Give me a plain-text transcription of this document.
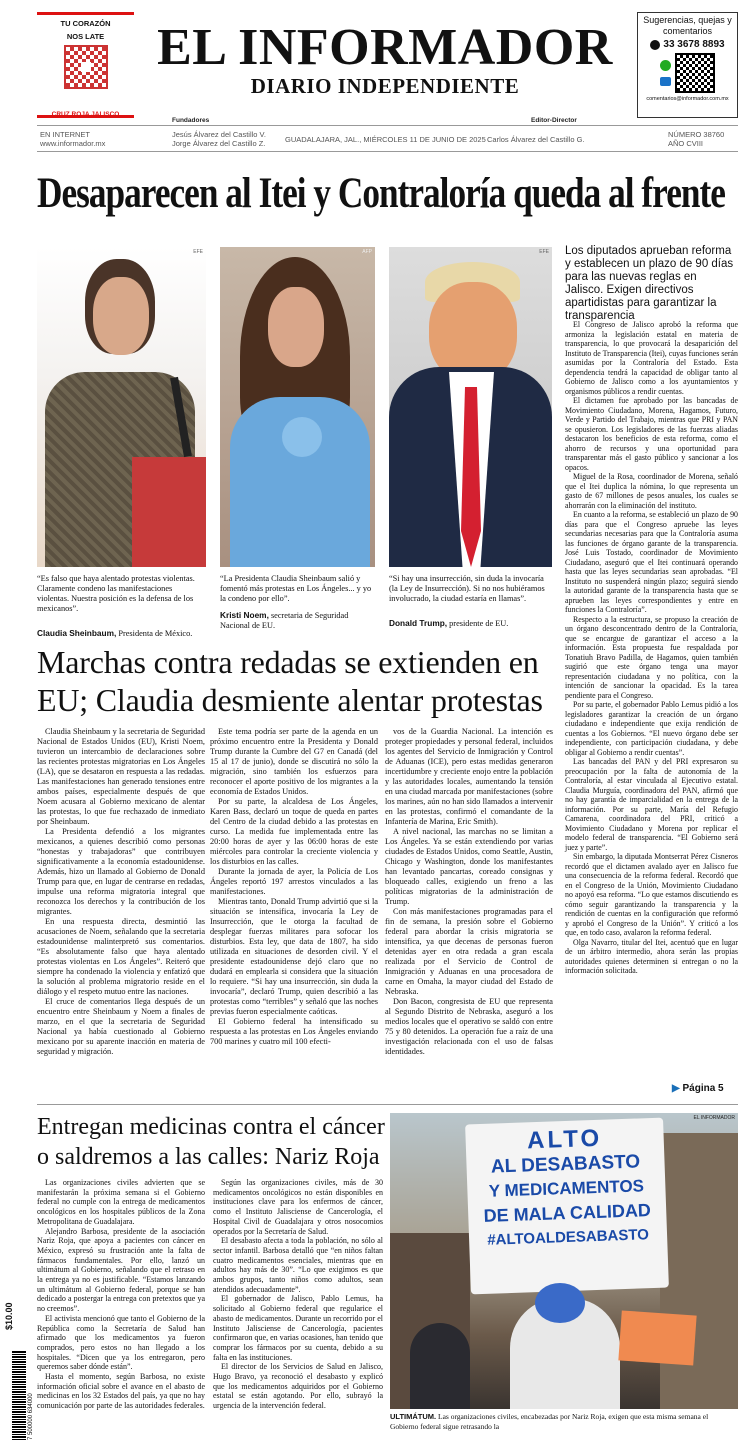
TU CORAZÓN
NOS LATE
CRUZ ROJA JALISCO
EL INFORMADOR
DIARIO INDEPENDIENTE
Sugerencias, quejas y comentarios
33 3678 8893
comentarios@informador.com.mx
Fundadores	Editor-Director
EN INTERNET
www.informador.mx
Jesús Álvarez del Castillo V.
Jorge Álvarez del Castillo Z.	GUADALAJARA, JAL., MIÉRCOLES 11 DE JUNIO DE 2025 Carlos Álvarez del Castillo G.
NÚMERO 38760
AÑO CVIII
Desaparecen al Itei y Contraloría queda al frente
EFE	AFP	EFE
“Es falso que haya alentado protestas violentas. Claramente condeno las manifestaciones violentas. Nuestra posición es la defensa de los mexicanos”.
Claudia Sheinbaum, Presidenta de México.
“La Presidenta Claudia Sheinbaum salió y fomentó más protestas en Los Ángeles... y yo la condeno por ello”.
Kristi Noem, secretaria de Seguridad Nacional de EU.
“Si hay una insurrección, sin duda la invocaría (la Ley de Insurrección). Si no nos hubiéramos involucrado, la ciudad estaría en llamas”.
Donald Trump, presidente de EU.
Los diputados aprueban reforma y establecen un plazo de 90 días para las nuevas reglas en Jalisco. Exigen directivos apartidistas para garantizar la transparencia

El Congreso de Jalisco aprobó la reforma que armoniza la legislación estatal en materia de transparencia, lo que provocará la desaparición del Instituto de Transparencia (Itei), cuyas funciones serán asumidas por la Contraloría del Estado. Esta dependencia tendrá la capacidad de obligar tanto al Gobierno de Jalisco como a los ayuntamientos y organismos públicos a rendir cuentas.

El dictamen fue aprobado por las bancadas de Movimiento Ciudadano, Morena, Hagamos, Futuro, Verde y Partido del Trabajo, mientras que PRI y PAN se opusieron. Los legisladores de las fuerzas aliadas destacaron los beneficios de esta reforma, como el ahorro de recursos y una oportunidad para transparentar más el gasto público y sancionar a los opacos.

Miguel de la Rosa, coordinador de Morena, señaló que el Itei duplica la nómina, lo que representa un gasto de 67 millones de pesos anuales, los cuales se ahorrarán con la eliminación del instituto.

En cuanto a la reforma, se estableció un plazo de 90 días para que el Congreso apruebe las leyes secundarias necesarias para que la Contraloría asuma las funciones de órgano garante de la transparencia. José Luis Tostado, coordinador de Movimiento Ciudadano, aseguró que el Itei continuará operando hasta que las leyes secundarias sean aprobadas. “El Instituto no suspenderá ningún plazo; seguirá siendo la autoridad garante de la transparencia hasta que se aprueben las leyes correspondientes y entre en funciones la Contraloría”.

Respecto a la estructura, se propuso la creación de un órgano desconcentrado dentro de la Contraloría, que se encargue de garantizar el acceso a la información. Esta propuesta fue respaldada por Tonatiuh Bravo Padilla, de Hagamos, quien también sugirió que este órgano tenga una mayor representación ciudadana y no política, con la intención de sancionar la opacidad. Es la tarea pendiente para el Congreso.

Por su parte, el gobernador Pablo Lemus pidió a los legisladores garantizar la creación de un órgano ciudadano e independiente que exija rendición de cuentas a los Gobiernos. “El nuevo órgano debe ser independiente, con participación ciudadana, y debe obligar al Gobierno a rendir cuentas”.

Las bancadas del PAN y del PRI expresaron su preocupación por la falta de autonomía de la Contraloría, al estar vinculada al Ejecutivo estatal. Claudia Murguía, coordinadora del PAN, afirmó que no hay garantía de imparcialidad en la entrega de la información. Por su parte, María del Refugio Camarena, coordinadora del PRI, criticó a Movimiento Ciudadano y Morena por replicar el modelo federal de transparencia. “El Gobierno será juez y parte”.

Sin embargo, la diputada Montserrat Pérez Cisneros recordó que el dictamen avalado ayer en Jalisco fue una consecuencia de la reforma federal. Recordó que en el Congreso de la Unión, Movimiento Ciudadano no apoyó esa reforma. “Lo que estamos discutiendo es cómo seguir garantizando la transparencia y la rendición de cuentas en la configuración que reformó y aprobó el Congreso de la Unión”. Y criticó a los que, en todo caso, avalaron la reforma federal.

Olga Navarro, titular del Itei, acentuó que en lugar de un árbitro intermedio, ahora serán las propias autoridades quienes determinen si entregan o no la información solicitada.

▶ Página 5
Marchas contra redadas se extienden en EU; Claudia desmiente alentar protestas

Claudia Sheinbaum y la secretaria de Seguridad Nacional de Estados Unidos (EU), Kristi Noem, tuvieron un intercambio de declaraciones sobre las recientes protestas migratorias en Los Ángeles (LA), que se desataron en respuesta a las redadas. Las manifestaciones han generado tensiones entre ambos países, especialmente después de que Noem acusara al Gobierno mexicano de alentar las protestas, lo que fue rechazado de inmediato por Sheinbaum.

La Presidenta defendió a los migrantes mexicanos, a quienes describió como personas “honestas y trabajadoras” que contribuyen significativamente a la economía estadounidense. Además, hizo un llamado al Gobierno de Donald Trump para que, en lugar de centrarse en redadas, impulse una reforma migratoria integral que reconozca los derechos y la contribución de los migrantes.

En una respuesta directa, desmintió las acusaciones de Noem, señalando que la secretaria estadounidense malinterpretó sus comentarios. “Es absolutamente falso que haya alentado protestas violentas en Los Ángeles”. Reiteró que siempre ha condenado la violencia y enfatizó que la solución al problema migratorio reside en el diálogo y el respeto mutuo entre las naciones.

El cruce de comentarios llega después de un encuentro entre Sheinbaum y Noem a finales de marzo, en el que la secretaria de Seguridad Nacional ya había cuestionado al Gobierno mexicano por su aparente inacción en materia de seguridad y migración.

Este tema podría ser parte de la agenda en un próximo encuentro entre la Presidenta y Donald Trump durante la Cumbre del G7 en Canadá (del 15 al 17 de junio), donde se discutirá no sólo la migración, sino también los esfuerzos para reconocer el aporte positivo de los migrantes a la economía de Estados Unidos.

Por su parte, la alcaldesa de Los Ángeles, Karen Bass, declaró un toque de queda en partes del Centro de la ciudad debido a las protestas en curso. La medida fue implementada entre las 20:00 horas de ayer y las 06:00 horas de este miércoles para controlar la creciente violencia y los disturbios en las calles.

Durante la jornada de ayer, la Policía de Los Ángeles reportó 197 arrestos vinculados a las manifestaciones.

Mientras tanto, Donald Trump advirtió que si la situación se intensifica, invocaría la Ley de Insurrección, que le otorga la facultad de desplegar fuerzas militares para sofocar los disturbios. Esta ley, que data de 1807, ha sido utilizada en situaciones de desorden civil. Y el presidente estadounidense dejó claro que no dudará en emplearla si considera que la situación lo requiere. “Si hay una insurrección, sin duda la invocaría”, declaró Trump, quien describió a las protestas como “terribles” y señaló que las noches previas fueron especialmente caóticas.

El Gobierno federal ha intensificado su respuesta a las protestas en Los Ángeles enviando 700 marines y cuatro mil 100 efecti-

vos de la Guardia Nacional. La intención es proteger propiedades y personal federal, incluidos los agentes del Servicio de Inmigración y Control de Aduanas (ICE), pero estas medidas generaron incertidumbre y creciente enojo entre la población y las autoridades locales, aumentando la tensión en una ciudad marcada por manifestaciones (sobre los marines, aún no han sido llamados a intervenir en las protestas, confirmó el comandante de la Infantería de Marina, Eric Smith).

A nivel nacional, las marchas no se limitan a Los Ángeles. Ya se están extendiendo por varias ciudades de Estados Unidos, como Seattle, Austin, Chicago y Washington, donde los manifestantes han levantado pancartas, coreado consignas y bloqueado calles, exigiendo un freno a las políticas migratorias de la administración de Trump.

Con más manifestaciones programadas para el fin de semana, la presión sobre el Gobierno federal para abordar la crisis migratoria se intensifica, ya que decenas de personas fueron detenidas ayer en otra redada a gran escala realizada por el Servicio de Control de Inmigración y Aduanas en una procesadora de carne en Omaha, la mayor ciudad del Estado de Nebraska.

Don Bacon, congresista de EU que representa al Segundo Distrito de Nebraska, aseguró a los medios locales que el operativo se saldó con entre 75 y 80 detenidos. La operación fue a raíz de una investigación relacionada con el uso de falsas identidades.

Entregan medicinas contra el cáncer o saldremos a las calles: Nariz Roja

Las organizaciones civiles advierten que se manifestarán la próxima semana si el Gobierno federal no cumple con la entrega de medicamentos oncológicos en los hospitales públicos de la Zona Metropolitana de Guadalajara.

Alejandro Barbosa, presidente de la asociación Nariz Roja, que apoya a pacientes con cáncer en México, expresó su frustración ante la falta de fármacos fundamentales. Por ello, lanzó un ultimátum al Gobierno, señalando que el retraso en la entrega ya no es justificable. “Estamos lanzando un ultimátum al Gobierno federal, porque se han dedicado a postergar la entrega con pretextos que ya no creemos”.

El activista mencionó que tanto el Gobierno de la República como la Secretaría de Salud han afirmado que los medicamentos ya fueron comprados, pero estos no han llegado a los hospitales. “Dicen que ya los entregaron, pero queremos saber dónde están”.

Hasta el momento, según Barbosa, no existe información oficial sobre el avance en el abasto de medicinas en los 32 Estados del país, ya que no hay comunicación por parte de las autoridades federales.

Según las organizaciones civiles, más de 30 medicamentos oncológicos no están disponibles en instituciones clave para los enfermos de cáncer, como el Instituto Jalisciense de Cancerología, el Hospital Civil de Guadalajara y otros nosocomios operados por la Secretaría de Salud.

El desabasto afecta a toda la población, no sólo al sector infantil. Barbosa detalló que “en niños faltan cuatro medicamentos esenciales, mientras que en adultos hay más de 30”. “Lo que exigimos es que ambos grupos, tanto niños como adultos, sean atendidos adecuadamente”.

El gobernador de Jalisco, Pablo Lemus, ha solicitado al Gobierno federal que regularice el abasto de medicamentos. Durante un recorrido por el Instituto Jalisciense de Cancerología, pacientes confirmaron que, en varias ocasiones, han tenido que comprar los fármacos por su cuenta, debido a su falta en las instituciones.

El director de los Servicios de Salud en Jalisco, Hugo Bravo, ya reconoció el desabasto y explicó que los medicamentos adquiridos por el Gobierno estatal se están agotando. Por ello, subrayó la urgencia de la intervención federal.

$10.00
7 500000 634000
ALTO
AL DESABASTO
Y MEDICAMENTOS
DE MALA CALIDAD
#ALTOALDESABASTO
EL INFORMADOR
ULTIMÁTUM. Las organizaciones civiles, encabezadas por Nariz Roja, exigen que esta misma semana el Gobierno federal sigue retrasando la
